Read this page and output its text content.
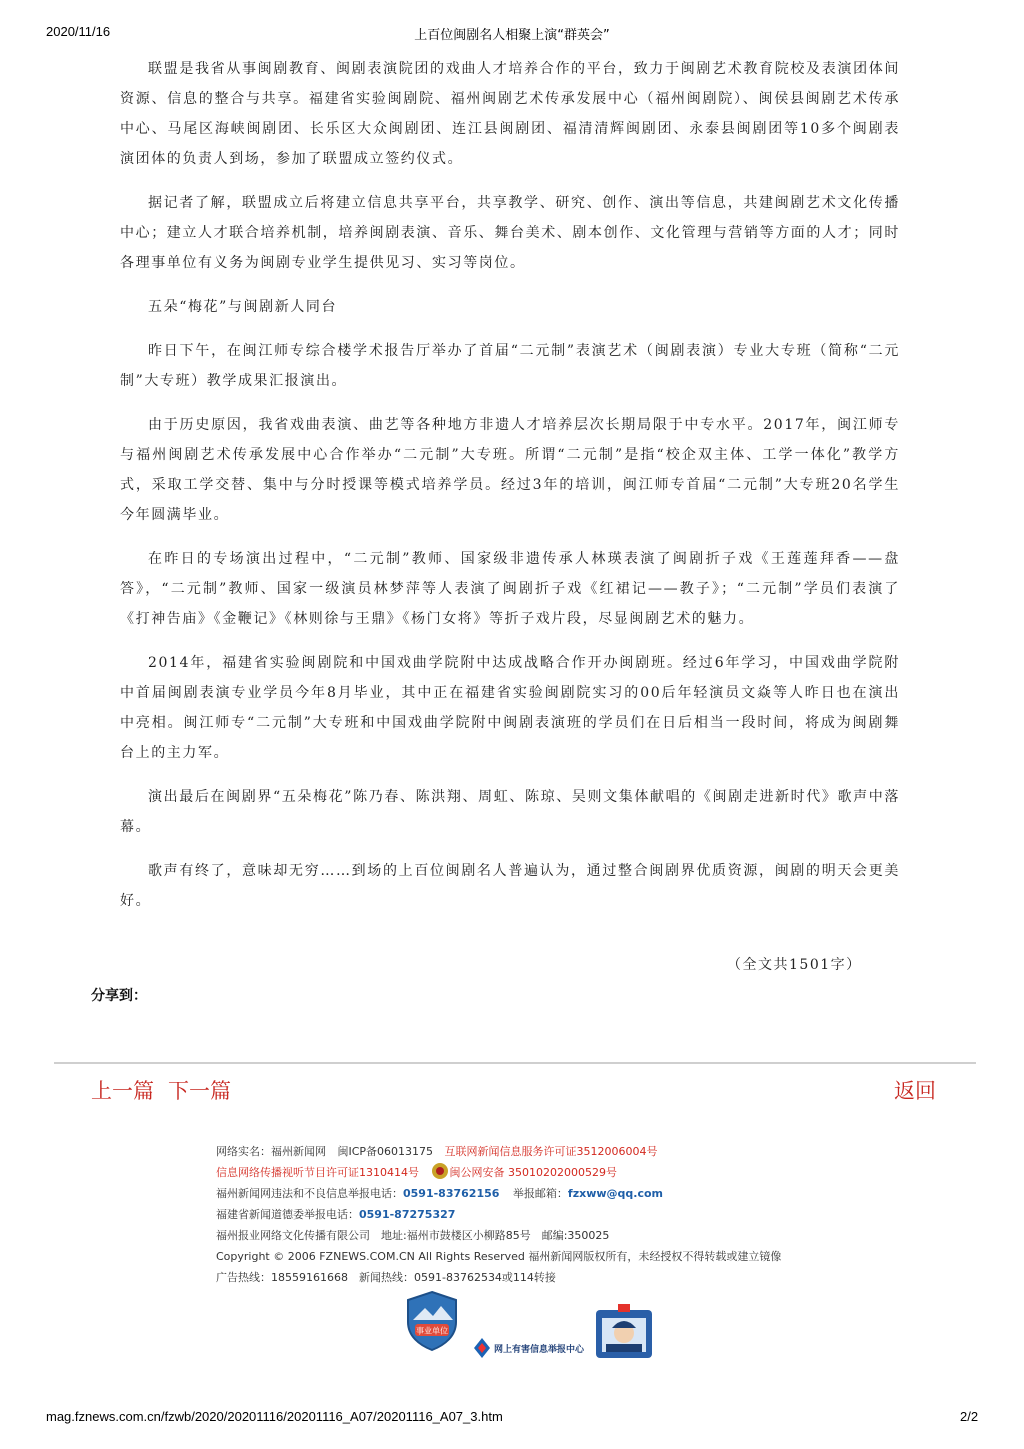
2020/11/16	上百位闽剧名人相聚上演“群英会”

联盟是我省从事闽剧教育、闽剧表演院团的戏曲人才培养合作的平台，致力于闽剧艺术教育院校及表演团体间资源、信息的整合与共享。福建省实验闽剧院、福州闽剧艺术传承发展中心（福州闽剧院）、闽侯县闽剧艺术传承中心、马尾区海峡闽剧团、长乐区大众闽剧团、连江县闽剧团、福清清辉闽剧团、永泰县闽剧团等10多个闽剧表演团体的负责人到场，参加了联盟成立签约仪式。

据记者了解，联盟成立后将建立信息共享平台，共享教学、研究、创作、演出等信息，共建闽剧艺术文化传播中心；建立人才联合培养机制，培养闽剧表演、音乐、舞台美术、剧本创作、文化管理与营销等方面的人才；同时各理事单位有义务为闽剧专业学生提供见习、实习等岗位。

五朵“梅花”与闽剧新人同台

昨日下午，在闽江师专综合楼学术报告厅举办了首届“二元制”表演艺术（闽剧表演）专业大专班（简称“二元制”大专班）教学成果汇报演出。

由于历史原因，我省戏曲表演、曲艺等各种地方非遗人才培养层次长期局限于中专水平。2017年，闽江师专与福州闽剧艺术传承发展中心合作举办“二元制”大专班。所谓“二元制”是指“校企双主体、工学一体化”教学方式，采取工学交替、集中与分时授课等模式培养学员。经过3年的培训，闽江师专首届“二元制”大专班20名学生今年圆满毕业。

在昨日的专场演出过程中，“二元制”教师、国家级非遗传承人林瑛表演了闽剧折子戏《王莲莲拜香——盘答》，“二元制”教师、国家一级演员林梦萍等人表演了闽剧折子戏《红裙记——教子》；“二元制”学员们表演了《打神告庙》《金鞭记》《林则徐与王鼎》《杨门女将》等折子戏片段，尽显闽剧艺术的魅力。

2014年，福建省实验闽剧院和中国戏曲学院附中达成战略合作开办闽剧班。经过6年学习，中国戏曲学院附中首届闽剧表演专业学员今年8月毕业，其中正在福建省实验闽剧院实习的00后年轻演员文焱等人昨日也在演出中亮相。闽江师专“二元制”大专班和中国戏曲学院附中闽剧表演班的学员们在日后相当一段时间，将成为闽剧舞台上的主力军。

演出最后在闽剧界“五朵梅花”陈乃春、陈洪翔、周虹、陈琼、吴则文集体献唱的《闽剧走进新时代》歌声中落幕。

歌声有终了，意味却无穷……到场的上百位闽剧名人普遍认为，通过整合闽剧界优质资源，闽剧的明天会更美好。

（全文共1501字）
分享到：
上一篇 下一篇	返回
网络实名：福州新闻网 闽ICP备06013175 互联网新闻信息服务许可证3512006004号
信息网络传播视听节目许可证1310414号	闽公网安备 35010202000529号
福州新闻网违法和不良信息举报电话：0591-83762156 举报邮箱：fzxww@qq.com
福建省新闻道德委举报电话：0591-87275327
福州报业网络文化传播有限公司　地址:福州市鼓楼区小柳路85号　邮编:350025
Copyright © 2006 FZNEWS.COM.CN All Rights Reserved 福州新闻网版权所有，未经授权不得转载或建立镜像
广告热线：18559161668　新闻热线：0591-83762534或114转接
事业单位
网上有害信息举报中心
mag.fznews.com.cn/fzwb/2020/20201116/20201116_A07/20201116_A07_3.htm	2/2
